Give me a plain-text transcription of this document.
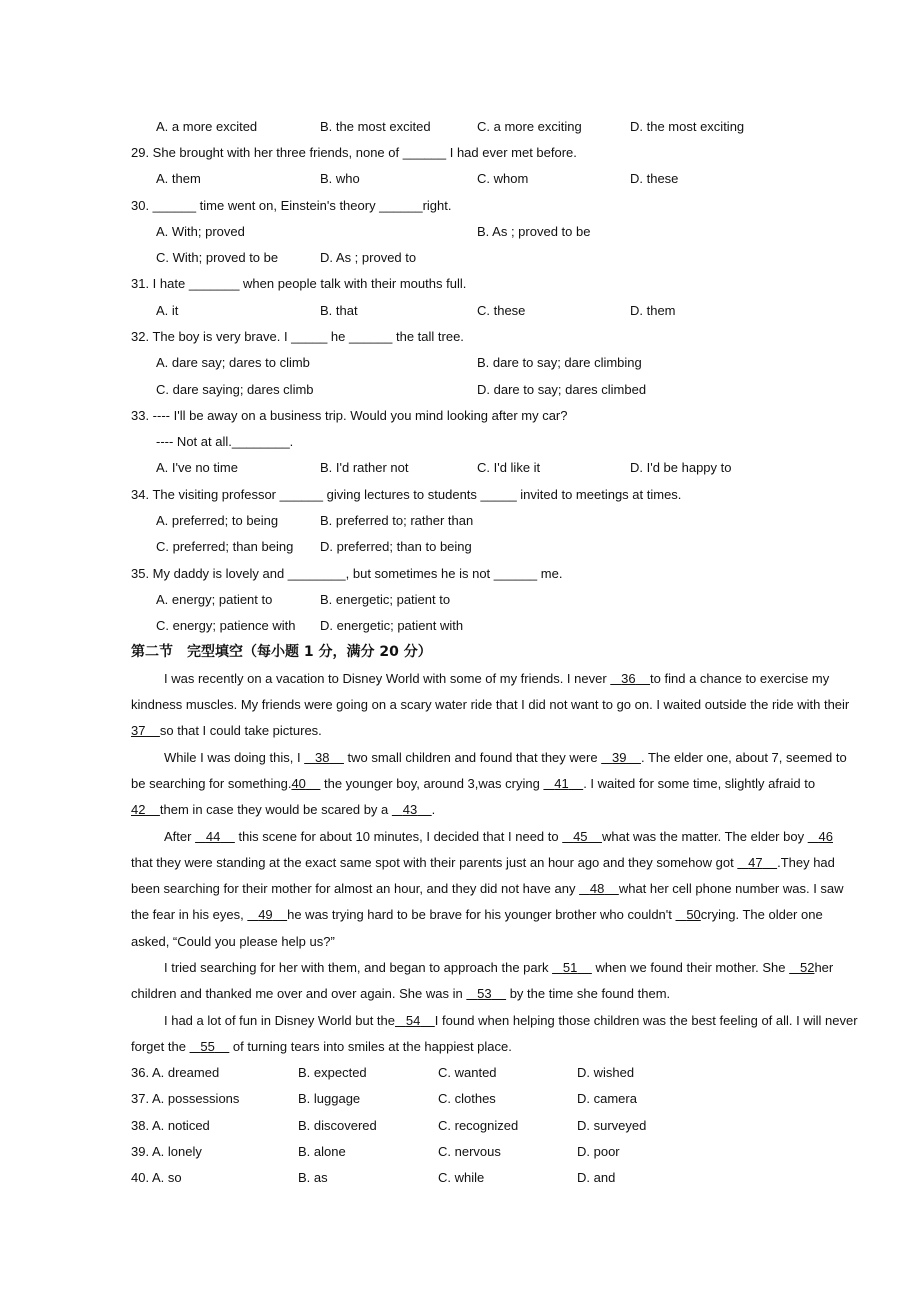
A. a more excited	B. the most excited	C. a more exciting	D. the most exciting
29. She brought with her three friends, none of ______ I had ever met before.
A. them	B. who	C. whom	D. these
30. ______ time went on, Einstein's theory ______right.
A. With; proved	B. As ; proved to be
C. With; proved to be	D. As ; proved to
31. I hate _______ when people talk with their mouths full.
A. it	B. that	C. these	D. them
32. The boy is very brave. I _____ he ______ the tall tree.
A. dare say; dares to climb	B. dare to say; dare climbing
C. dare saying; dares climb	D. dare to say; dares climbed
33. ---- I'll be away on a business trip. Would you mind looking after my car?
---- Not at all.________.
A. I've no time	B. I'd rather not	C. I'd like it	D. I'd be happy to
34. The visiting professor ______ giving lectures to students _____ invited to meetings at times.
A. preferred; to being	B. preferred to; rather than
C. preferred; than being D. preferred; than to being
35. My daddy is lovely and ________, but sometimes he is not ______ me.
A. energy; patient to	B. energetic; patient to
C. energy; patience with D. energetic; patient with
第二节　完型填空（每小题 1 分，满分 20 分）
I was recently on a vacation to Disney World with some of my friends. I never    36 to find a chance to exercise my
kindness muscles. My friends were going on a scary water ride that I did not want to go on. I waited outside the ride with their
37 so that I could take pictures.
While I was doing this, I    38     two small children and found that they were    39 . The elder one, about 7, seemed to
be searching for something.40     the younger boy, around 3,was crying    41 . I waited for some time, slightly afraid to
42 them in case they would be scared by a    43 .
After    44     this scene for about 10 minutes, I decided that I need to    45 what was the matter. The elder boy    46
that they were standing at the exact same spot with their parents just an hour ago and they somehow got    47 .They had
been searching for their mother for almost an hour, and they did not have any    48 what her cell phone number was. I saw
the fear in his eyes,    49 he was trying hard to be brave for his younger brother who couldn't    50crying. The older one
asked, “Could you please help us?”
I tried searching for her with them, and began to approach the park    51     when we found their mother. She    52her
children and thanked me over and over again. She was in    53     by the time she found them.
I had a lot of fun in Disney World but the 54 I found when helping those children was the best feeling of all. I will never
forget the    55     of turning tears into smiles at the happiest place.
36. A. dreamed	B. expected	C. wanted	D. wished
37. A. possessions	B. luggage	C. clothes	D. camera
38. A. noticed	B. discovered	C. recognized	D. surveyed
39. A. lonely	B. alone	C. nervous	D. poor
40. A. so	B. as	C. while	D. and
